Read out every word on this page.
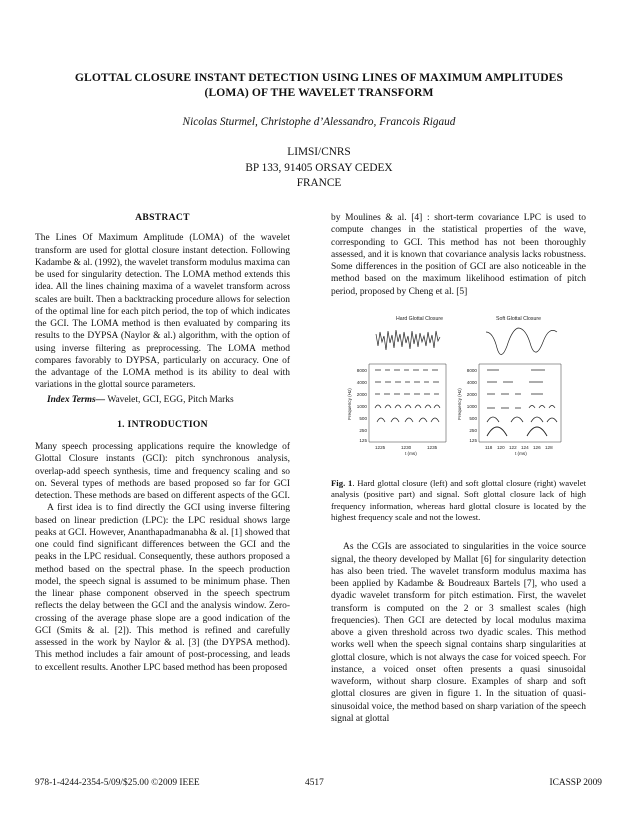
GLOTTAL CLOSURE INSTANT DETECTION USING LINES OF MAXIMUM AMPLITUDES
(LOMA) OF THE WAVELET TRANSFORM
Nicolas Sturmel, Christophe d’Alessandro, Francois Rigaud
LIMSI/CNRS
BP 133, 91405 ORSAY CEDEX
FRANCE
ABSTRACT

The Lines Of Maximum Amplitude (LOMA) of the wavelet transform are used for glottal closure instant detection. Following Kadambe & al. (1992), the wavelet transform modulus maxima can be used for singularity detection. The LOMA method extends this idea. All the lines chaining maxima of a wavelet transform across scales are built. Then a backtracking procedure allows for selection of the optimal line for each pitch period, the top of which indicates the GCI. The LOMA method is then evaluated by comparing its results to the DYPSA (Naylor & al.) algorithm, with the option of using inverse filtering as preprocessing. The LOMA method compares favorably to DYPSA, particularly on accuracy. One of the advantage of the LOMA method is its ability to deal with variations in the glottal source parameters.

Index Terms— Wavelet, GCI, EGG, Pitch Marks

1. INTRODUCTION

Many speech processing applications require the knowledge of Glottal Closure instants (GCI): pitch synchronous analysis, overlap-add speech synthesis, time and frequency scaling and so on. Several types of methods are based proposed so far for GCI detection. These methods are based on different aspects of the GCI.

A first idea is to find directly the GCI using inverse filtering based on linear prediction (LPC): the LPC residual shows large peaks at GCI. However, Ananthapadmanabha & al. [1] showed that one could find significant differences between the GCI and the peaks in the LPC residual. Consequently, these authors proposed a method based on the spectral phase. In the speech production model, the speech signal is assumed to be minimum phase. Then the linear phase component observed in the speech spectrum reflects the delay between the GCI and the analysis window. Zero-crossing of the average phase slope are a good indication of the GCI (Smits & al. [2]). This method is refined and carefully assessed in the work by Naylor & al. [3] (the DYPSA method). This method includes a fair amount of post-processing, and leads to excellent results. Another LPC based method has been proposed

by Moulines & al. [4] : short-term covariance LPC is used to compute changes in the statistical properties of the wave, corresponding to GCI. This method has not been thoroughly assessed, and it is known that covariance analysis lacks robustness. Some differences in the position of GCI are also noticeable in the method based on the maximum likelihood estimation of pitch period, proposed by Cheng et al. [5]

Hard Glottal Closure	Soft Glottal Closure
8000
4000
2000
1000
500
250
125
Frequency (Hz)
1225	1230	1235
t (ms)
8000
4000
2000
1000
500
250
125
Frequency (Hz)
118 120 122 124 126 128
t (ms)

Fig. 1. Hard glottal closure (left) and soft glottal closure (right) wavelet analysis (positive part) and signal. Soft glottal closure lack of high frequency information, whereas hard glottal closure is located by the highest frequency scale and not the lowest.

As the CGIs are associated to singularities in the voice source signal, the theory developed by Mallat [6] for singularity detection has also been tried. The wavelet transform modulus maxima has been applied by Kadambe & Boudreaux Bartels [7], who used a dyadic wavelet transform for pitch estimation. First, the wavelet transform is computed on the 2 or 3 smallest scales (high frequencies). Then GCI are detected by local modulus maxima above a given threshold across two dyadic scales. This method works well when the speech signal contains sharp singularities at glottal closure, which is not always the case for voiced speech. For instance, a voiced onset often presents a quasi sinusoidal waveform, without sharp closure. Examples of sharp and soft glottal closures are given in figure 1. In the situation of quasi-sinusoidal voice, the method based on sharp variation of the speech signal at glottal

978-1-4244-2354-5/09/$25.00 ©2009 IEEE	4517	ICASSP 2009
